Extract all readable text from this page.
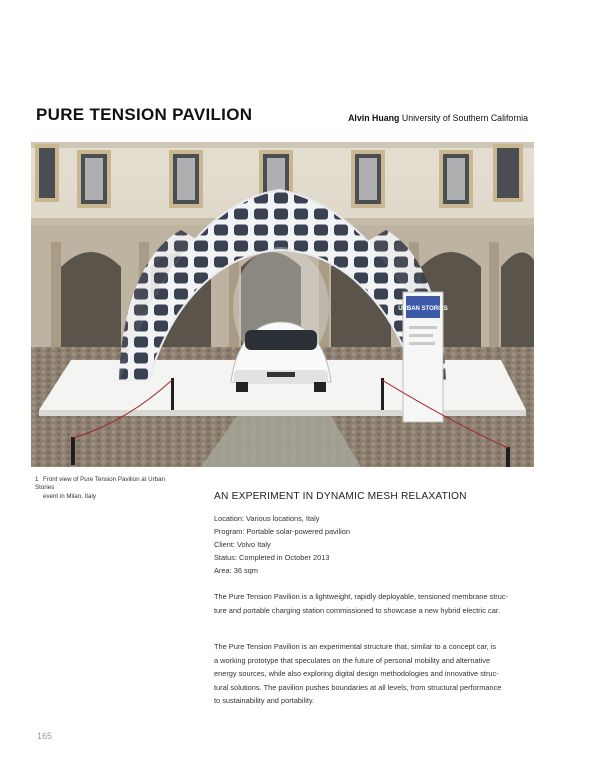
PURE TENSION PAVILION	Alvin Huang University of Southern California
URBAN STORIES
1 Front view of Pure Tension Pavilion at Urban Stories
event in Milan, Italy	AN EXPERIMENT IN DYNAMIC MESH RELAXATION
Location: Various locations, Italy
Program: Portable solar-powered pavilion
Client: Volvo Italy
Status: Completed in October 2013
Area: 36 sqm
The Pure Tension Pavilion is a lightweight, rapidly deployable, tensioned membrane struc-
ture and portable charging station commissioned to showcase a new hybrid electric car.
The Pure Tension Pavilion is an experimental structure that, similar to a concept car, is
a working prototype that speculates on the future of personal mobility and alternative
energy sources, while also exploring digital design methodologies and innovative struc-
tural solutions. The pavilion pushes boundaries at all levels, from structural performance
to sustainability and portability.
165
